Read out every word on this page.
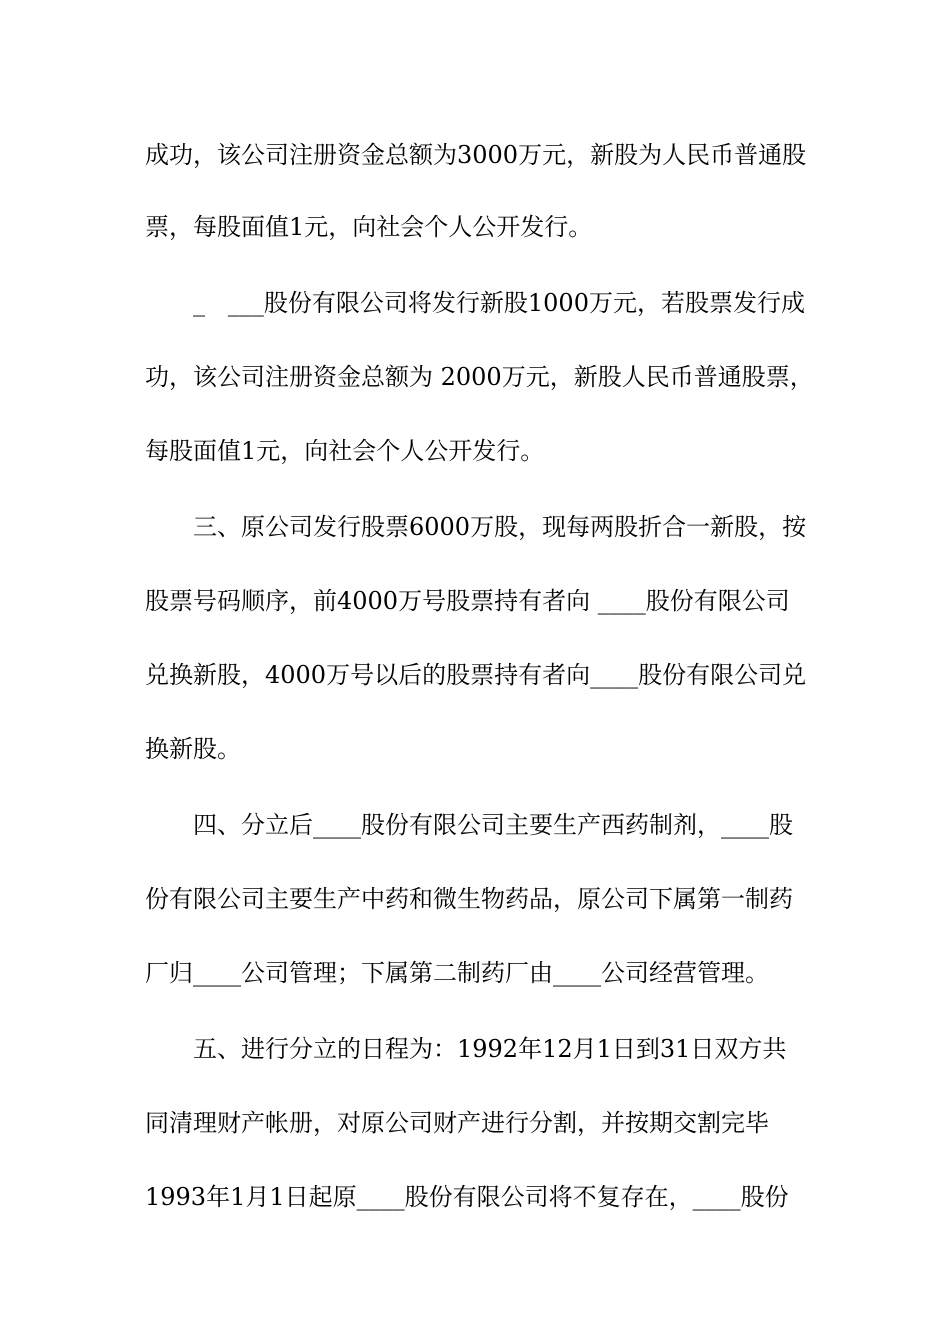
成功，该公司注册资金总额为3000万元，新股为人民币普通股
票，每股面值1元，向社会个人公开发行。
_   ___股份有限公司将发行新股1000万元，若股票发行成
功，该公司注册资金总额为 2000万元，新股人民币普通股票，
每股面值1元，向社会个人公开发行。
三、原公司发行股票6000万股，现每两股折合一新股，按
股票号码顺序，前4000万号股票持有者向 ____股份有限公司
兑换新股，4000万号以后的股票持有者向____股份有限公司兑
换新股。
四、分立后____股份有限公司主要生产西药制剂，____股
份有限公司主要生产中药和微生物药品，原公司下属第一制药
厂归____公司管理；下属第二制药厂由____公司经营管理。
五、进行分立的日程为：1992年12月1日到31日双方共
同清理财产帐册，对原公司财产进行分割，并按期交割完毕
1993年1月1日起原____股份有限公司将不复存在，____股份
